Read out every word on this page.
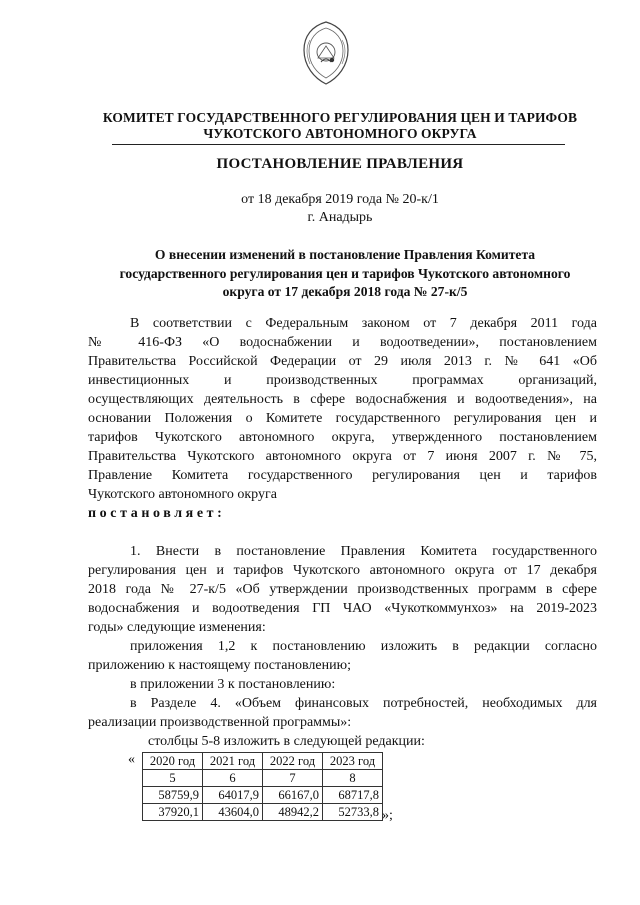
КОМИТЕТ ГОСУДАРСТВЕННОГО РЕГУЛИРОВАНИЯ ЦЕН И ТАРИФОВ
ЧУКОТСКОГО АВТОНОМНОГО ОКРУГА
ПОСТАНОВЛЕНИЕ ПРАВЛЕНИЯ
от 18 декабря 2019 года № 20-к/1
г. Анадырь
О внесении изменений в постановление Правления Комитета
государственного регулирования цен и тарифов Чукотского автономного
округа от 17 декабря 2018 года № 27-к/5
В соответствии с Федеральным законом от 7 декабря 2011 года
№ 416-ФЗ «О водоснабжении и водоотведении», постановлением
Правительства Российской Федерации от 29 июля 2013 г. № 641 «Об
инвестиционных и производственных программах организаций,
осуществляющих деятельность в сфере водоснабжения и водоотведения», на
основании Положения о Комитете государственного регулирования цен и
тарифов Чукотского автономного округа, утвержденного постановлением
Правительства Чукотского автономного округа от 7 июня 2007 г. № 75,
Правление Комитета государственного регулирования цен и тарифов
Чукотского автономного округа
постановляет:
1. Внести в постановление Правления Комитета государственного
регулирования цен и тарифов Чукотского автономного округа от 17 декабря
2018 года № 27-к/5 «Об утверждении производственных программ в сфере
водоснабжения и водоотведения ГП ЧАО «Чукоткоммунхоз» на 2019-2023
годы» следующие изменения:
приложения 1,2 к постановлению изложить в редакции согласно
приложению к настоящему постановлению;
в приложении 3 к постановлению:
в Разделе 4. «Объем финансовых потребностей, необходимых для
реализации производственной программы»:
столбцы 5-8 изложить в следующей редакции:
« 2020 год	2021 год	2022 год	2023 год
5	6	7	8
58759,9	64017,9	66167,0	68717,8
37920,1	43604,0	48942,2	52733,8 »;
